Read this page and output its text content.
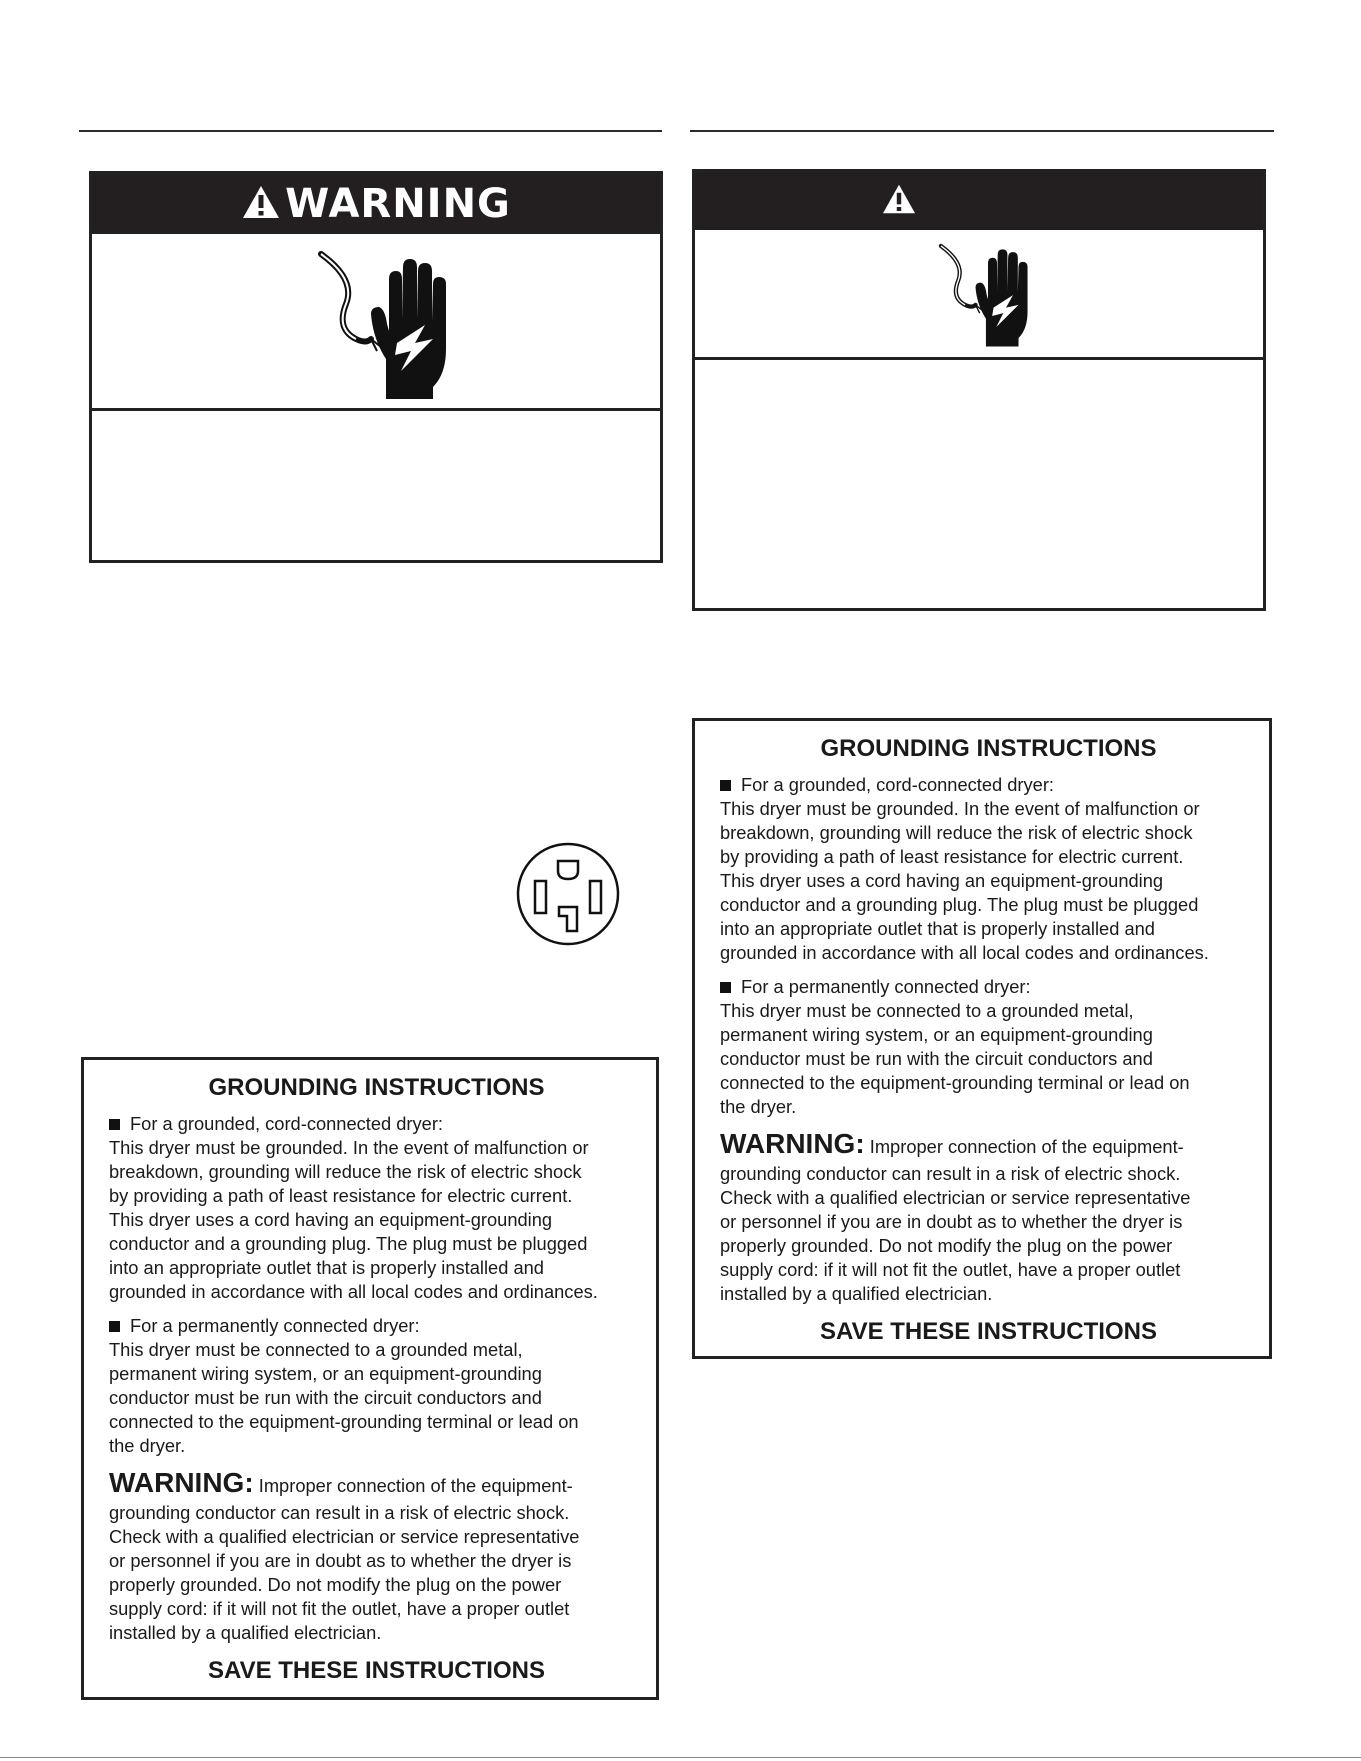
WARNING
GROUNDING INSTRUCTIONS
For a grounded, cord-connected dryer:
This dryer must be grounded. In the event of malfunction or
breakdown, grounding will reduce the risk of electric shock
by providing a path of least resistance for electric current.
This dryer uses a cord having an equipment-grounding
conductor and a grounding plug. The plug must be plugged
into an appropriate outlet that is properly installed and
grounded in accordance with all local codes and ordinances.
For a permanently connected dryer:
This dryer must be connected to a grounded metal,
permanent wiring system, or an equipment-grounding
conductor must be run with the circuit conductors and
connected to the equipment-grounding terminal or lead on
the dryer.
WARNING: Improper connection of the equipment-
grounding conductor can result in a risk of electric shock.
Check with a qualified electrician or service representative
or personnel if you are in doubt as to whether the dryer is
properly grounded. Do not modify the plug on the power
supply cord: if it will not fit the outlet, have a proper outlet
installed by a qualified electrician.
SAVE THESE INSTRUCTIONS
GROUNDING INSTRUCTIONS
For a grounded, cord-connected dryer:
This dryer must be grounded. In the event of malfunction or
breakdown, grounding will reduce the risk of electric shock
by providing a path of least resistance for electric current.
This dryer uses a cord having an equipment-grounding
conductor and a grounding plug. The plug must be plugged
into an appropriate outlet that is properly installed and
grounded in accordance with all local codes and ordinances.
For a permanently connected dryer:
This dryer must be connected to a grounded metal,
permanent wiring system, or an equipment-grounding
conductor must be run with the circuit conductors and
connected to the equipment-grounding terminal or lead on
the dryer.
WARNING: Improper connection of the equipment-
grounding conductor can result in a risk of electric shock.
Check with a qualified electrician or service representative
or personnel if you are in doubt as to whether the dryer is
properly grounded. Do not modify the plug on the power
supply cord: if it will not fit the outlet, have a proper outlet
installed by a qualified electrician.
SAVE THESE INSTRUCTIONS
